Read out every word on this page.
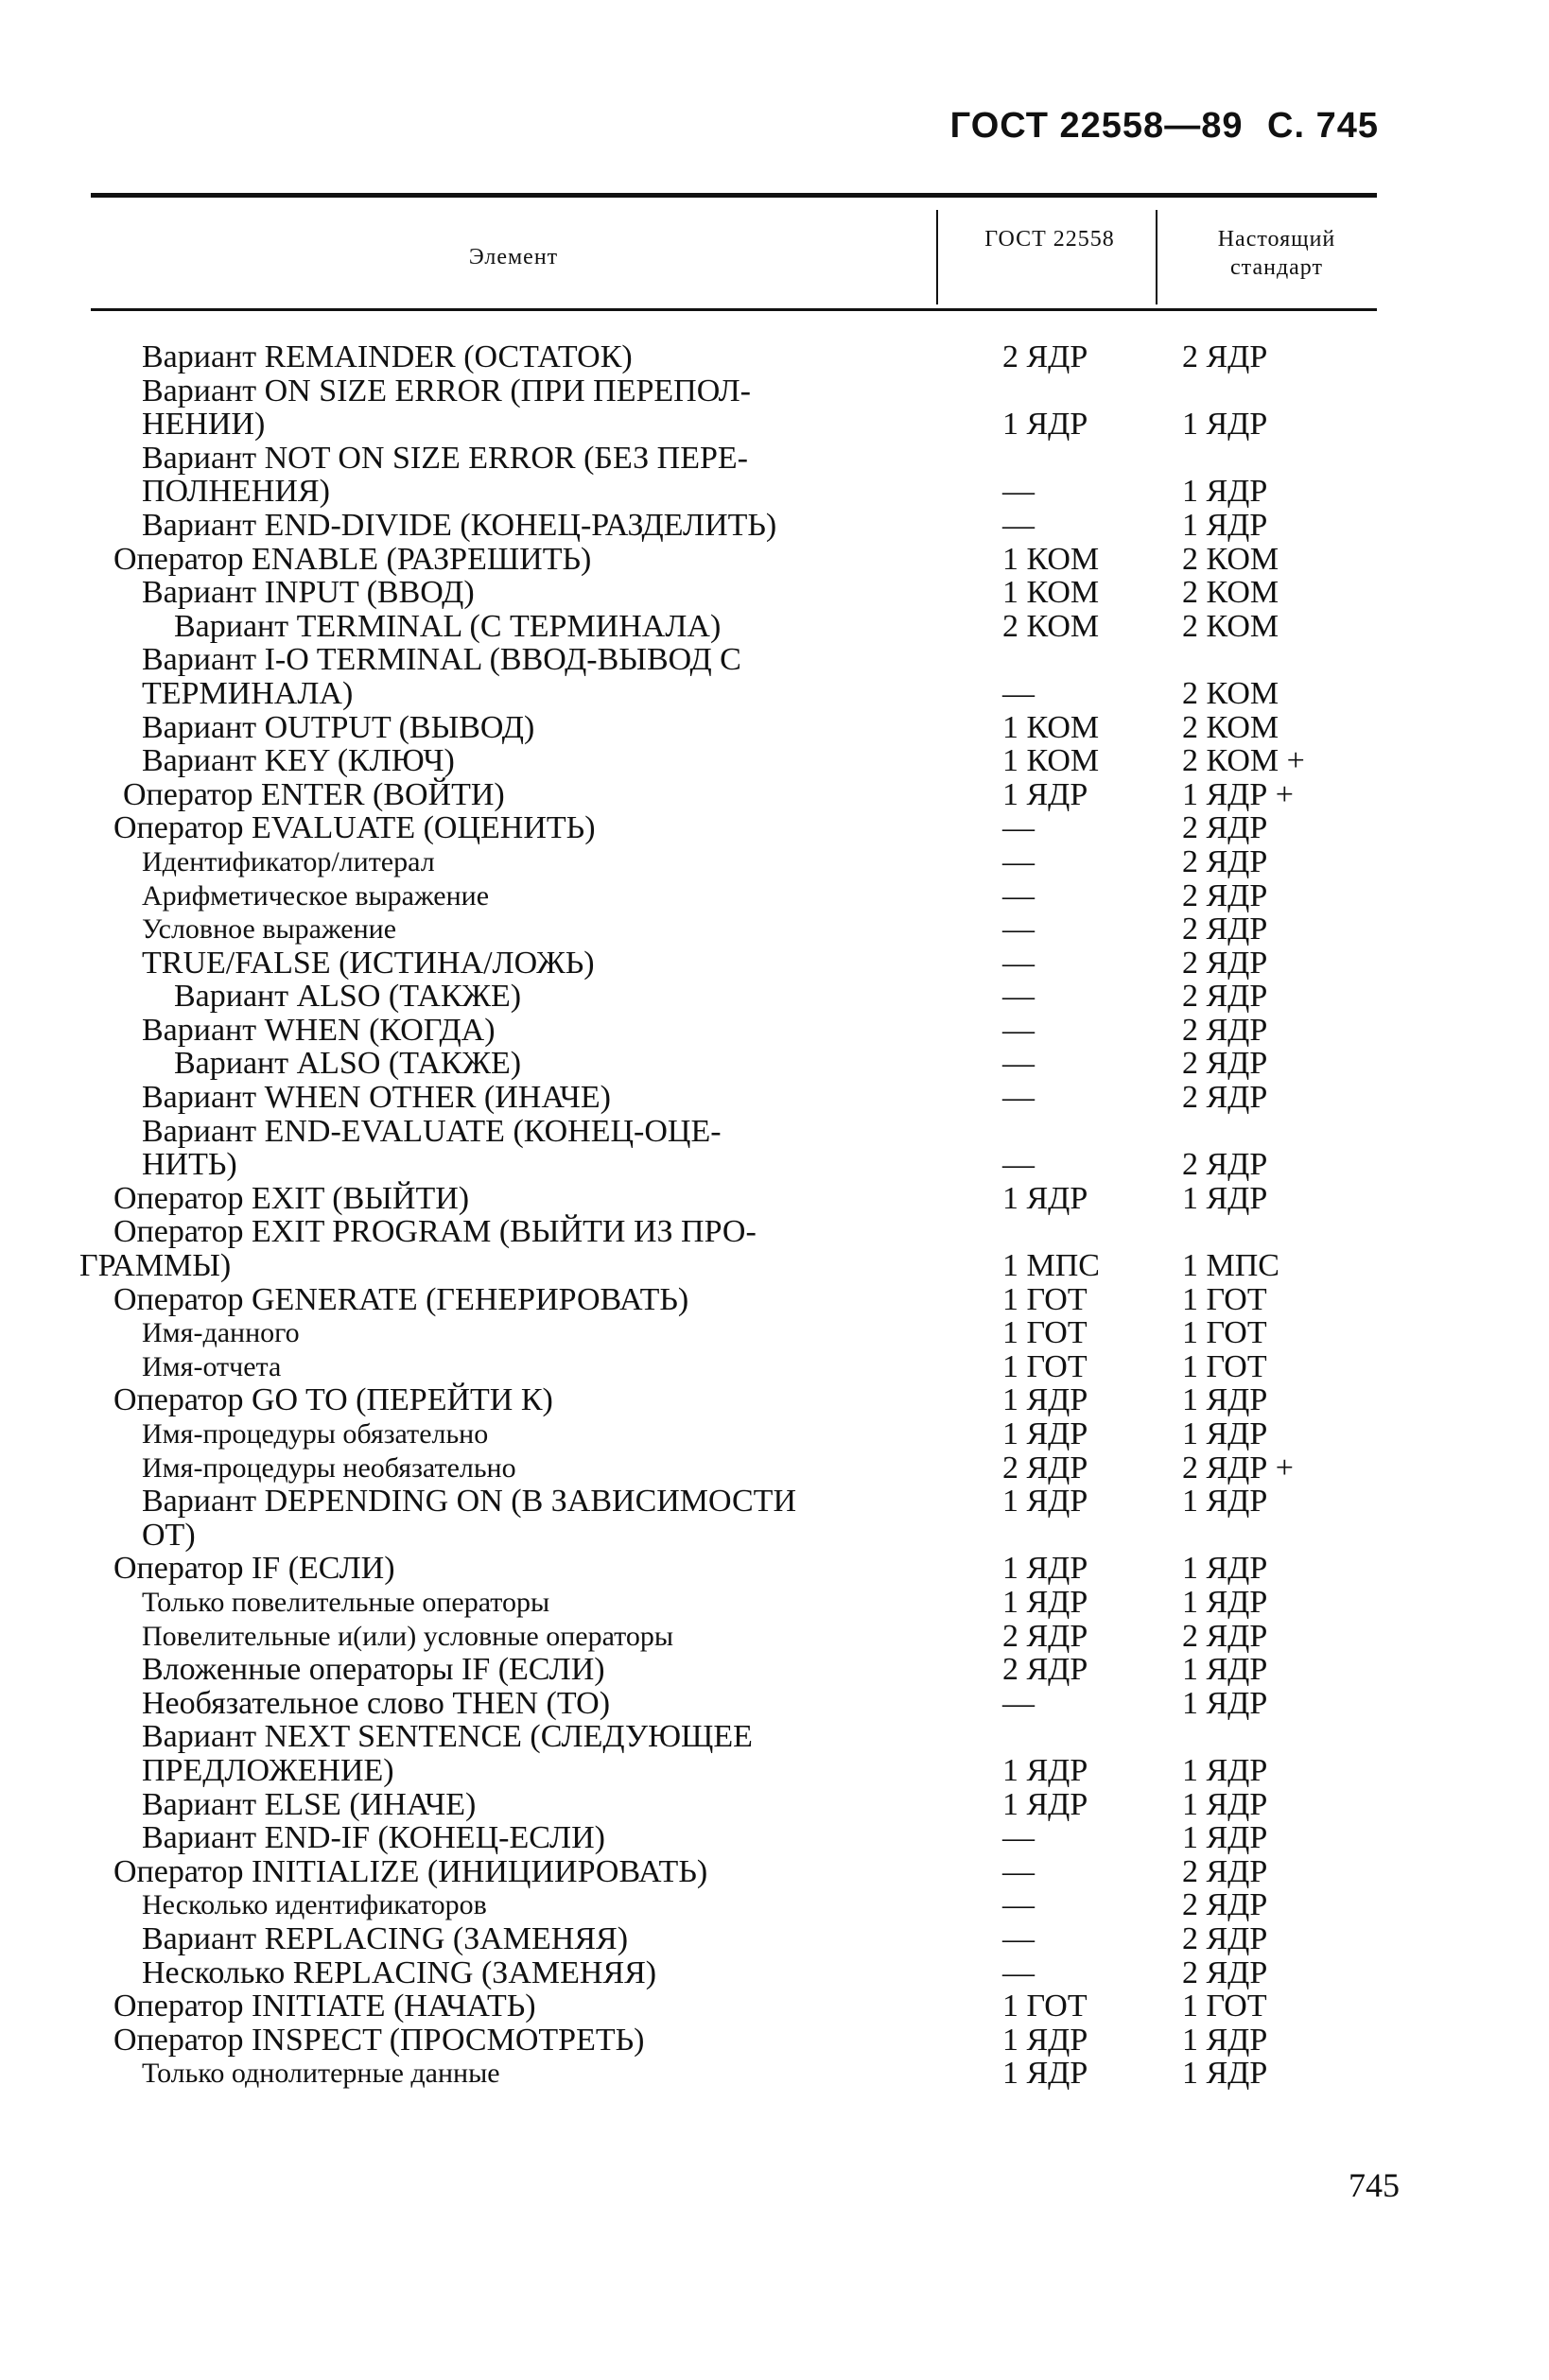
ГОСТ 22558—89 С. 745
Элемент
ГОСТ 22558	Настоящий стандарт
Вариант REMAINDER (ОСТАТОК)	2 ЯДР	2 ЯДР
Вариант ON SIZE ERROR (ПРИ ПЕРЕПОЛ-
НЕНИИ)	1 ЯДР	1 ЯДР
Вариант NOT ON SIZE ERROR (БЕЗ ПЕРЕ-
ПОЛНЕНИЯ)	—	1 ЯДР
Вариант END-DIVIDE (КОНЕЦ-РАЗДЕЛИТЬ)	—	1 ЯДР
Оператор ENABLE (РАЗРЕШИТЬ)	1 КОМ	2 КОМ
Вариант INPUT (ВВОД)	1 КОМ	2 КОМ
Вариант TERMINAL (С ТЕРМИНАЛА)	2 КОМ	2 КОМ
Вариант I-O TERMINAL (ВВОД-ВЫВОД С
ТЕРМИНАЛА)	—	2 КОМ
Вариант OUTPUT (ВЫВОД)	1 КОМ	2 КОМ
Вариант KEY (КЛЮЧ)	1 КОМ	2 КОМ +
Оператор ENTER (ВОЙТИ)	1 ЯДР	1 ЯДР +
Оператор EVALUATE (ОЦЕНИТЬ)	—	2 ЯДР
Идентификатор/литерал	—	2 ЯДР
Арифметическое выражение	—	2 ЯДР
Условное выражение	—	2 ЯДР
TRUE/FALSE (ИСТИНА/ЛОЖЬ)	—	2 ЯДР
Вариант ALSO (ТАКЖЕ)	—	2 ЯДР
Вариант WHEN (КОГДА)	—	2 ЯДР
Вариант ALSO (ТАКЖЕ)	—	2 ЯДР
Вариант WHEN OTHER (ИНАЧЕ)	—	2 ЯДР
Вариант END-EVALUATE (КОНЕЦ-ОЦЕ-
НИТЬ)	—	2 ЯДР
Оператор EXIT (ВЫЙТИ)	1 ЯДР	1 ЯДР
Оператор EXIT PROGRAM (ВЫЙТИ ИЗ ПРО-
ГРАММЫ)	1 МПС	1 МПС
Оператор GENERATE (ГЕНЕРИРОВАТЬ)	1 ГОТ	1 ГОТ
Имя-данного	1 ГОТ	1 ГОТ
Имя-отчета	1 ГОТ	1 ГОТ
Оператор GO TO (ПЕРЕЙТИ К)	1 ЯДР	1 ЯДР
Имя-процедуры обязательно	1 ЯДР	1 ЯДР
Имя-процедуры необязательно	2 ЯДР	2 ЯДР +
Вариант DEPENDING ON (В ЗАВИСИМОСТИ	1 ЯДР	1 ЯДР
ОТ)
Оператор IF (ЕСЛИ)	1 ЯДР	1 ЯДР
Только повелительные операторы	1 ЯДР	1 ЯДР
Повелительные и(или) условные операторы	2 ЯДР	2 ЯДР
Вложенные операторы IF (ЕСЛИ)	2 ЯДР	1 ЯДР
Необязательное слово THEN (ТО)	—	1 ЯДР
Вариант NEXT SENTENCE (СЛЕДУЮЩЕЕ
ПРЕДЛОЖЕНИЕ)	1 ЯДР	1 ЯДР
Вариант ELSE (ИНАЧЕ)	1 ЯДР	1 ЯДР
Вариант END-IF (КОНЕЦ-ЕСЛИ)	—	1 ЯДР
Оператор INITIALIZE (ИНИЦИИРОВАТЬ)	—	2 ЯДР
Несколько идентификаторов	—	2 ЯДР
Вариант REPLACING (ЗАМЕНЯЯ)	—	2 ЯДР
Несколько REPLACING (ЗАМЕНЯЯ)	—	2 ЯДР
Оператор INITIATE (НАЧАТЬ)	1 ГОТ	1 ГОТ
Оператор INSPECT (ПРОСМОТРЕТЬ)	1 ЯДР	1 ЯДР
Только однолитерные данные	1 ЯДР	1 ЯДР
745
